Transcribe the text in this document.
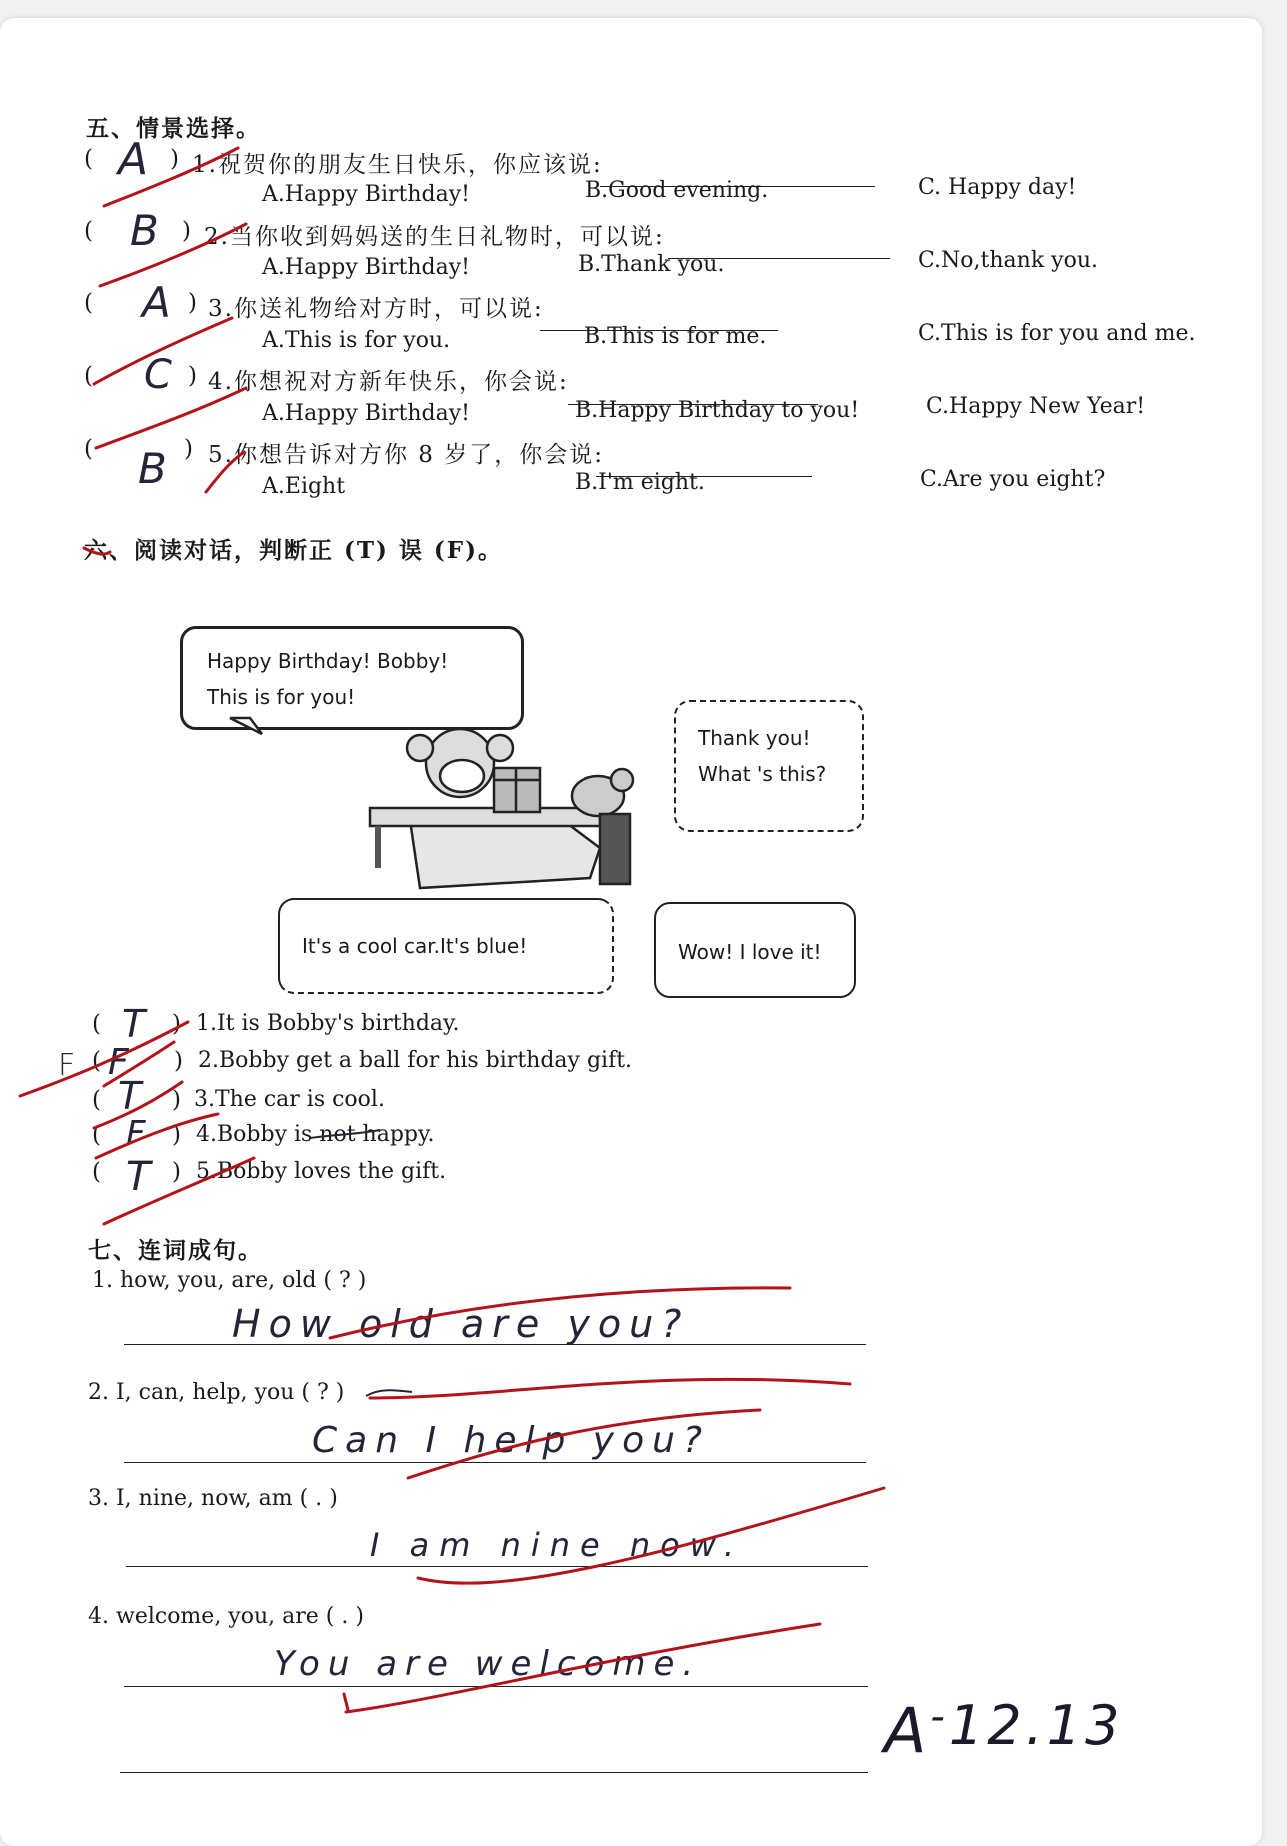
五、情景选择。
( A ) 1.祝贺你的朋友生日快乐，你应该说:
A.Happy Birthday!	B.Good evening.	C. Happy day!
( B ) 2.当你收到妈妈送的生日礼物时，可以说:
A.Happy Birthday!	B.Thank you.	C.No,thank you.
( A ) 3.你送礼物给对方时，可以说:
A.This is for you.	B.This is for me.	C.This is for you and me.
( C ) 4.你想祝对方新年快乐，你会说:
A.Happy Birthday!	B.Happy Birthday to you!	C.Happy New Year!
( B ) 5.你想告诉对方你 8 岁了，你会说:
A.Eight	B.I'm eight.	C.Are you eight?
六、阅读对话，判断正 (T) 误 (F)。
Happy Birthday! Bobby!
This is for you!
Thank you!
What 's this?
It's a cool car.It's blue!	Wow! I love it!
( T ) 1.It is Bobby's birthday.
( F ) 2.Bobby get a ball for his birthday gift.
( T ) 3.The car is cool.
( F ) 4.Bobby is not happy.
( T ) 5.Bobby loves the gift.
F
七、连词成句。
1. how, you, are, old ( ? )
How old are you?
2. I, can, help, you ( ? )
Can I help you?
3. I, nine, now, am ( . )
I am nine now.
4. welcome, you, are ( . )
You are welcome.
A-12.13
